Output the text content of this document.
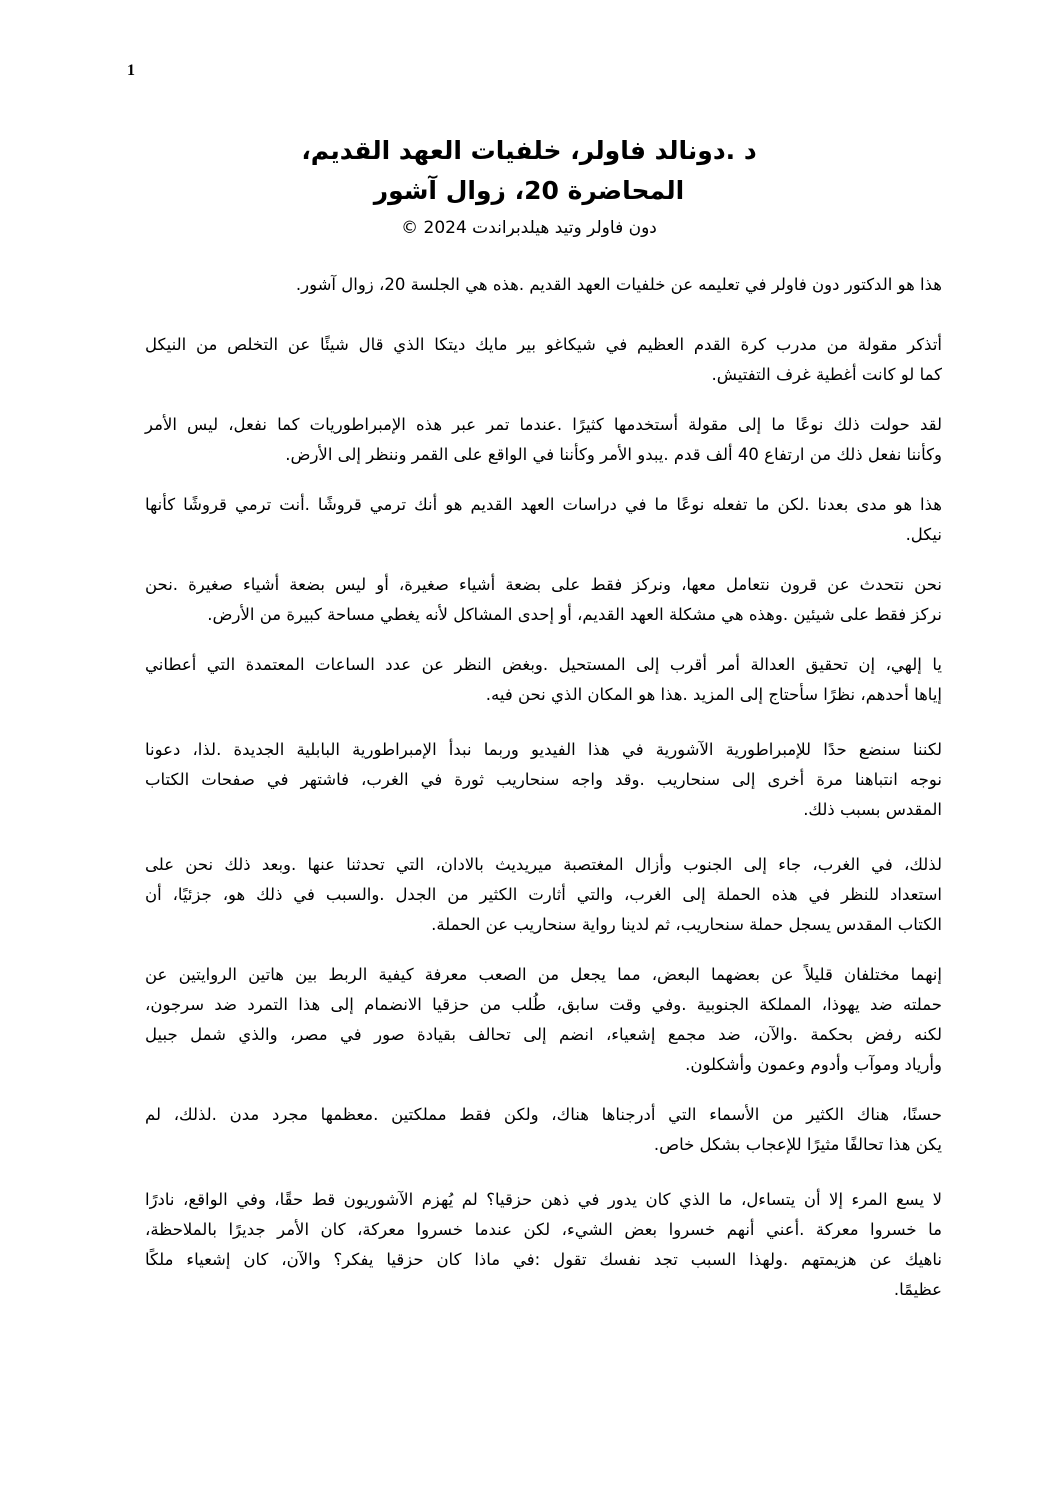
1
د .دونالد فاولر، خلفيات العهد القديم،
المحاضرة 20، زوال آشور
دون فاولر وتيد هيلدبراندت 2024 ©
هذا هو الدكتور دون فاولر في تعليمه عن خلفيات العهد القديم .هذه هي الجلسة 20، زوال آشور.
أتذكر مقولة من مدرب كرة القدم العظيم في شيكاغو بير مايك ديتكا الذي قال شيئًا عن التخلص من النيكل
كما لو كانت أغطية غرف التفتيش.
لقد حولت ذلك نوعًا ما إلى مقولة أستخدمها كثيرًا .عندما تمر عبر هذه الإمبراطوريات كما نفعل، ليس الأمر
وكأننا نفعل ذلك من ارتفاع 40 ألف قدم .يبدو الأمر وكأننا في الواقع على القمر وننظر إلى الأرض.
هذا هو مدى بعدنا .لكن ما تفعله نوعًا ما في دراسات العهد القديم هو أنك ترمي قروشًا .أنت ترمي قروشًا كأنها
نيكل.
نحن نتحدث عن قرون نتعامل معها، ونركز فقط على بضعة أشياء صغيرة، أو ليس بضعة أشياء صغيرة .نحن
نركز فقط على شيئين .وهذه هي مشكلة العهد القديم، أو إحدى المشاكل لأنه يغطي مساحة كبيرة من الأرض.
يا إلهي، إن تحقيق العدالة أمر أقرب إلى المستحيل .وبغض النظر عن عدد الساعات المعتمدة التي أعطاني
إياها أحدهم، نظرًا سأحتاج إلى المزيد .هذا هو المكان الذي نحن فيه.
لكننا سنضع حدًا للإمبراطورية الآشورية في هذا الفيديو وربما نبدأ الإمبراطورية البابلية الجديدة .لذا، دعونا
نوجه انتباهنا مرة أخرى إلى سنحاريب .وقد واجه سنحاريب ثورة في الغرب، فاشتهر في صفحات الكتاب
المقدس بسبب ذلك.
لذلك، في الغرب، جاء إلى الجنوب وأزال المغتصبة ميريديث بالادان، التي تحدثنا عنها .وبعد ذلك نحن على
استعداد للنظر في هذه الحملة إلى الغرب، والتي أثارت الكثير من الجدل .والسبب في ذلك هو، جزئيًا، أن
الكتاب المقدس يسجل حملة سنحاريب، ثم لدينا رواية سنحاريب عن الحملة.
إنهما مختلفان قليلاً عن بعضهما البعض، مما يجعل من الصعب معرفة كيفية الربط بين هاتين الروايتين عن
حملته ضد يهوذا، المملكة الجنوبية .وفي وقت سابق، طُلب من حزقيا الانضمام إلى هذا التمرد ضد سرجون،
لكنه رفض بحكمة .والآن، ضد مجمع إشعياء، انضم إلى تحالف بقيادة صور في مصر، والذي شمل جبيل
وأرياد وموآب وأدوم وعمون وأشكلون.
حسنًا، هناك الكثير من الأسماء التي أدرجناها هناك، ولكن فقط مملكتين .معظمها مجرد مدن .لذلك، لم
يكن هذا تحالفًا مثيرًا للإعجاب بشكل خاص.
لا يسع المرء إلا أن يتساءل، ما الذي كان يدور في ذهن حزقيا؟ لم يُهزم الآشوريون قط حقًا، وفي الواقع، نادرًا
ما خسروا معركة .أعني أنهم خسروا بعض الشيء، لكن عندما خسروا معركة، كان الأمر جديرًا بالملاحظة،
ناهيك عن هزيمتهم .ولهذا السبب تجد نفسك تقول :في ماذا كان حزقيا يفكر؟ والآن، كان إشعياء ملكًا
عظيمًا.
